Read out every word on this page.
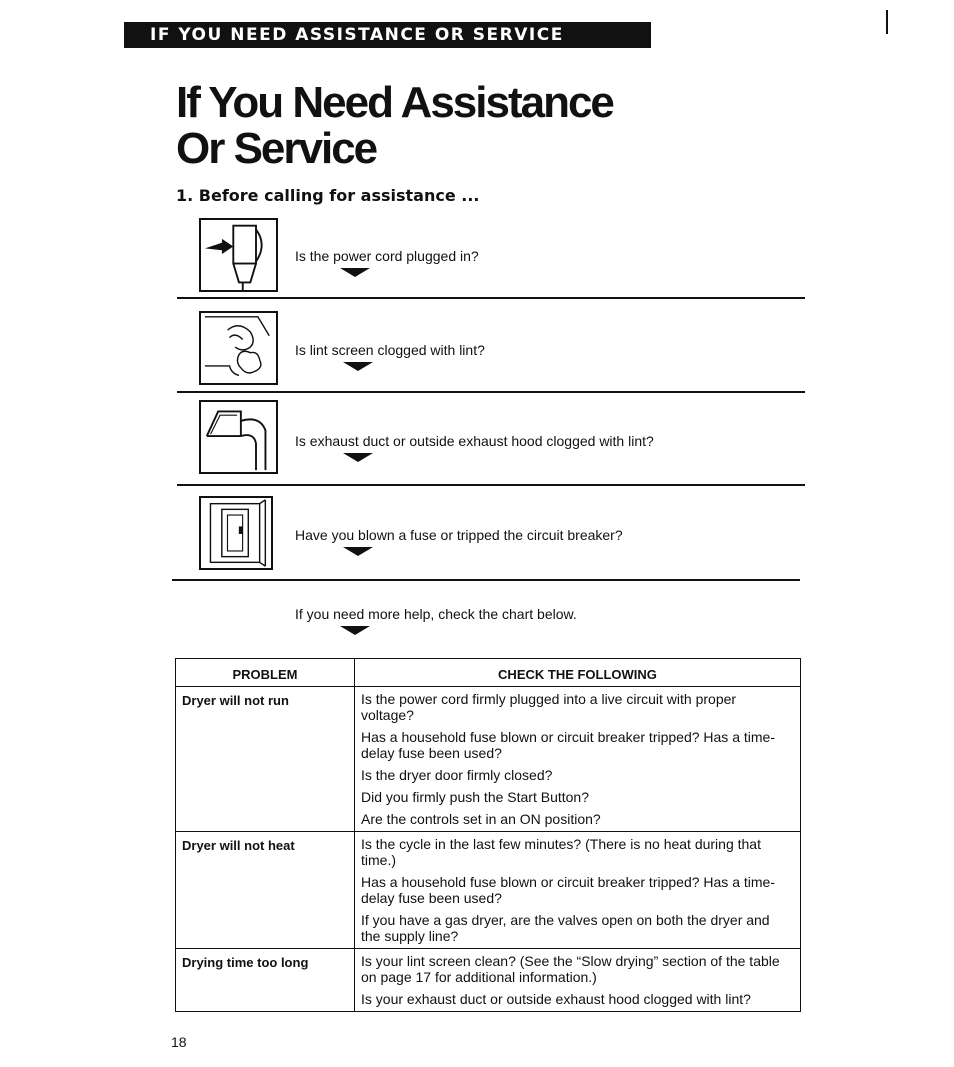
IF YOU NEED ASSISTANCE OR SERVICE
If You Need Assistance
Or Service
1. Before calling for assistance ...
Is the power cord plugged in?
Is lint screen clogged with lint?
Is exhaust duct or outside exhaust hood clogged with lint?
Have you blown a fuse or tripped the circuit breaker?
If you need more help, check the chart below.
PROBLEM	CHECK THE FOLLOWING
Dryer will not run	Is the power cord firmly plugged into a live circuit with proper voltage?
Has a household fuse blown or circuit breaker tripped? Has a time-delay fuse been used?
Is the dryer door firmly closed?
Did you firmly push the Start Button?
Are the controls set in an ON position?

Dryer will not heat	Is the cycle in the last few minutes? (There is no heat during that time.)
Has a household fuse blown or circuit breaker tripped? Has a time-delay fuse been used?
If you have a gas dryer, are the valves open on both the dryer and the supply line?

Drying time too long	Is your lint screen clean? (See the “Slow drying” section of the table on page 17 for additional information.)
Is your exhaust duct or outside exhaust hood clogged with lint?
18
